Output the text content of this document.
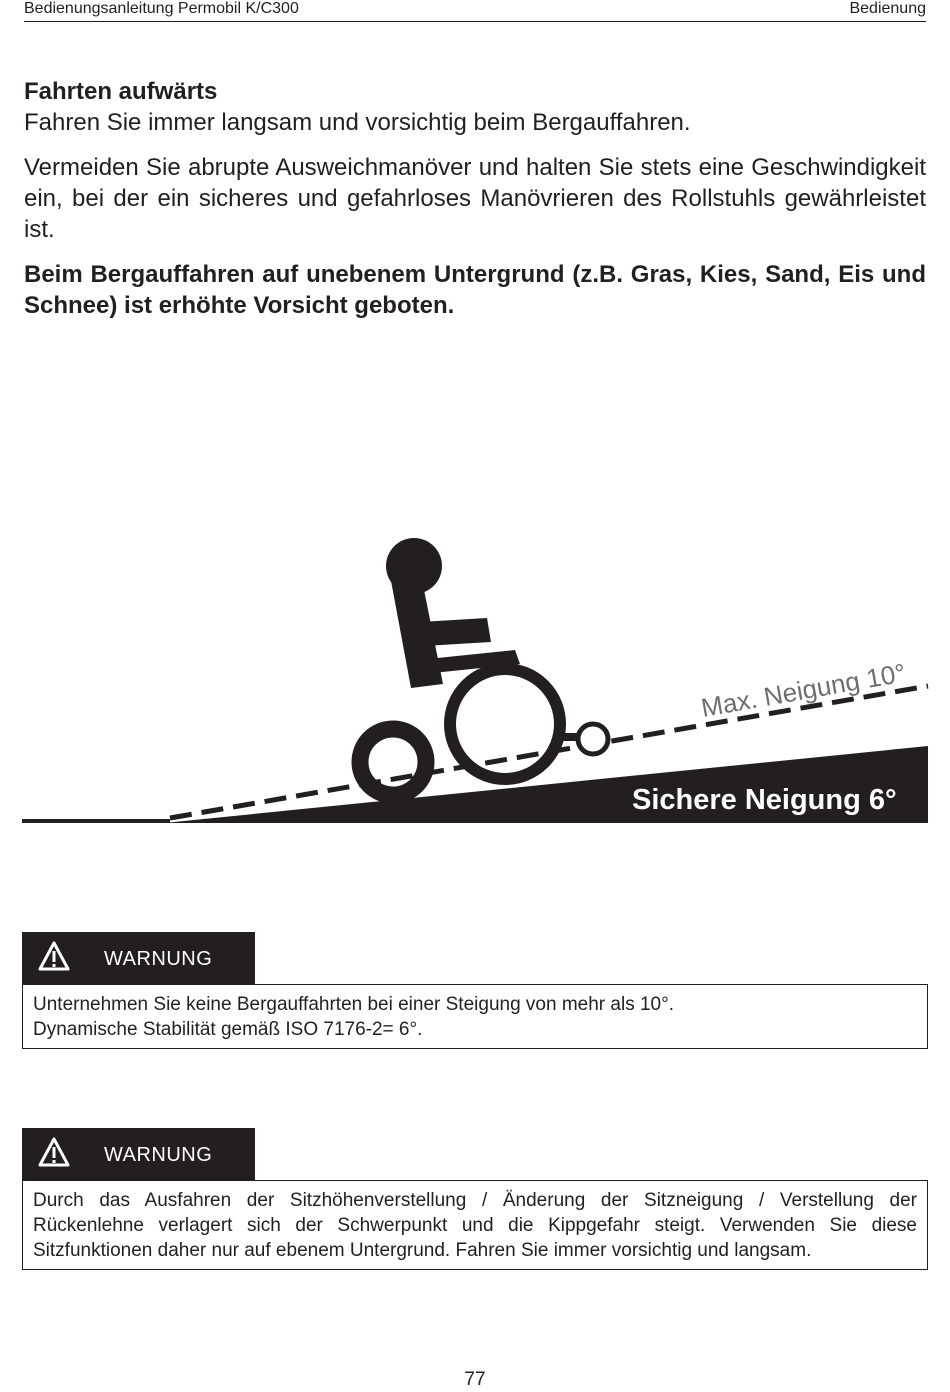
Bedienungsanleitung Permobil K/C300	Bedienung
Fahrten aufwärts

Fahren Sie immer langsam und vorsichtig beim Bergauffahren.

Vermeiden Sie abrupte Ausweichmanöver und halten Sie stets eine Geschwindigkeit ein, bei der ein sicheres und gefahrloses Manövrieren des Rollstuhls gewährleistet ist.

Beim Bergauffahren auf unebenem Untergrund (z.B. Gras, Kies, Sand, Eis und Schnee) ist erhöhte Vorsicht geboten.

Max. Neigung 10°
Sichere Neigung 6°
WARNUNG
Unternehmen Sie keine Bergauffahrten bei einer Steigung von mehr als 10°.
Dynamische Stabilität gemäß ISO 7176-2= 6°.
WARNUNG
Durch das Ausfahren der Sitzhöhenverstellung / Änderung der Sitzneigung / Verstellung der Rückenlehne verlagert sich der Schwerpunkt und die Kippgefahr steigt. Verwenden Sie diese Sitzfunktionen daher nur auf ebenem Untergrund. Fahren Sie immer vorsichtig und langsam.
77
